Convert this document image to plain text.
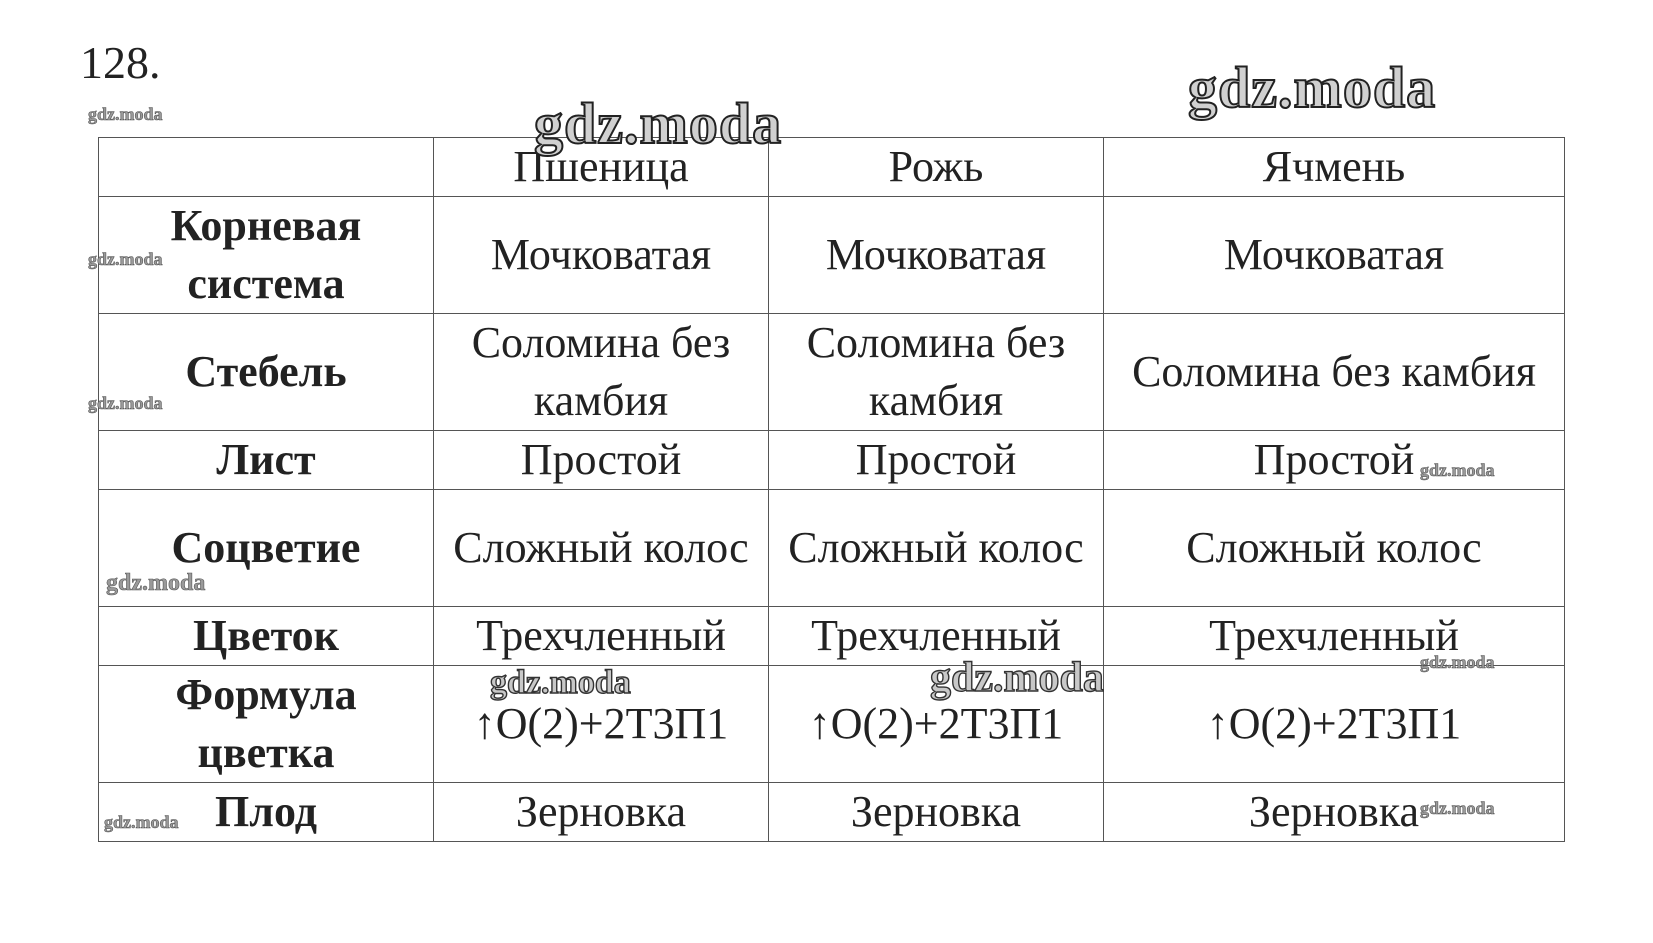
128.
	Пшеница	Рожь	Ячмень
Корневая система	Мочковатая	Мочковатая	Мочковатая
Стебель	Соломина без камбия	Соломина без камбия	Соломина без камбия
Лист	Простой	Простой	Простой
Соцветие	Сложный колос	Сложный колос	Сложный колос
Цветок	Трехчленный	Трехчленный	Трехчленный
Формула цветка	↑О(2)+2Т3П1	↑О(2)+2Т3П1	↑О(2)+2Т3П1
Плод	Зерновка	Зерновка	Зерновка
gdz.moda
gdz.moda
gdz.moda
gdz.moda
gdz.moda
gdz.moda
gdz.moda
gdz.moda	gdz.moda	gdz.moda
gdz.moda
gdz.moda
